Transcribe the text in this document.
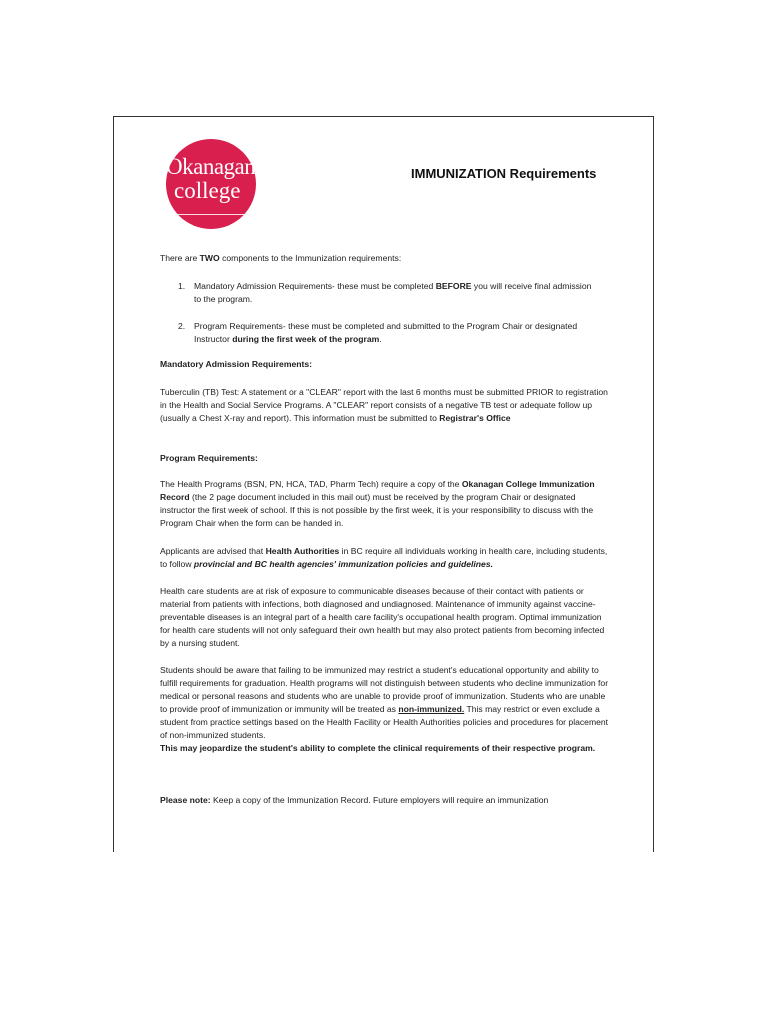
Okanagan
college
IMMUNIZATION Requirements
There are TWO components to the Immunization requirements:
1. Mandatory Admission Requirements- these must be completed BEFORE you will receive final admission to the program.
2. Program Requirements- these must be completed and submitted to the Program Chair or designated Instructor during the first week of the program.
Mandatory Admission Requirements:
Tuberculin (TB) Test: A statement or a "CLEAR" report with the last 6 months must be submitted PRIOR to registration in the Health and Social Service Programs. A "CLEAR" report consists of a negative TB test or adequate follow up (usually a Chest X-ray and report). This information must be submitted to Registrar's Office
Program Requirements:
The Health Programs (BSN, PN, HCA, TAD, Pharm Tech) require a copy of the Okanagan College Immunization Record (the 2 page document included in this mail out) must be received by the program Chair or designated instructor the first week of school. If this is not possible by the first week, it is your responsibility to discuss with the Program Chair when the form can be handed in.
Applicants are advised that Health Authorities in BC require all individuals working in health care, including students, to follow provincial and BC health agencies' immunization policies and guidelines.
Health care students are at risk of exposure to communicable diseases because of their contact with patients or material from patients with infections, both diagnosed and undiagnosed. Maintenance of immunity against vaccine-preventable diseases is an integral part of a health care facility's occupational health program. Optimal immunization for health care students will not only safeguard their own health but may also protect patients from becoming infected by a nursing student.
Students should be aware that failing to be immunized may restrict a student's educational opportunity and ability to fulfill requirements for graduation. Health programs will not distinguish between students who decline immunization for medical or personal reasons and students who are unable to provide proof of immunization. Students who are unable to provide proof of immunization or immunity will be treated as non-immunized. This may restrict or even exclude a student from practice settings based on the Health Facility or Health Authorities policies and procedures for placement of non-immunized students.
This may jeopardize the student's ability to complete the clinical requirements of their respective program.
Please note: Keep a copy of the Immunization Record. Future employers will require an immunization
